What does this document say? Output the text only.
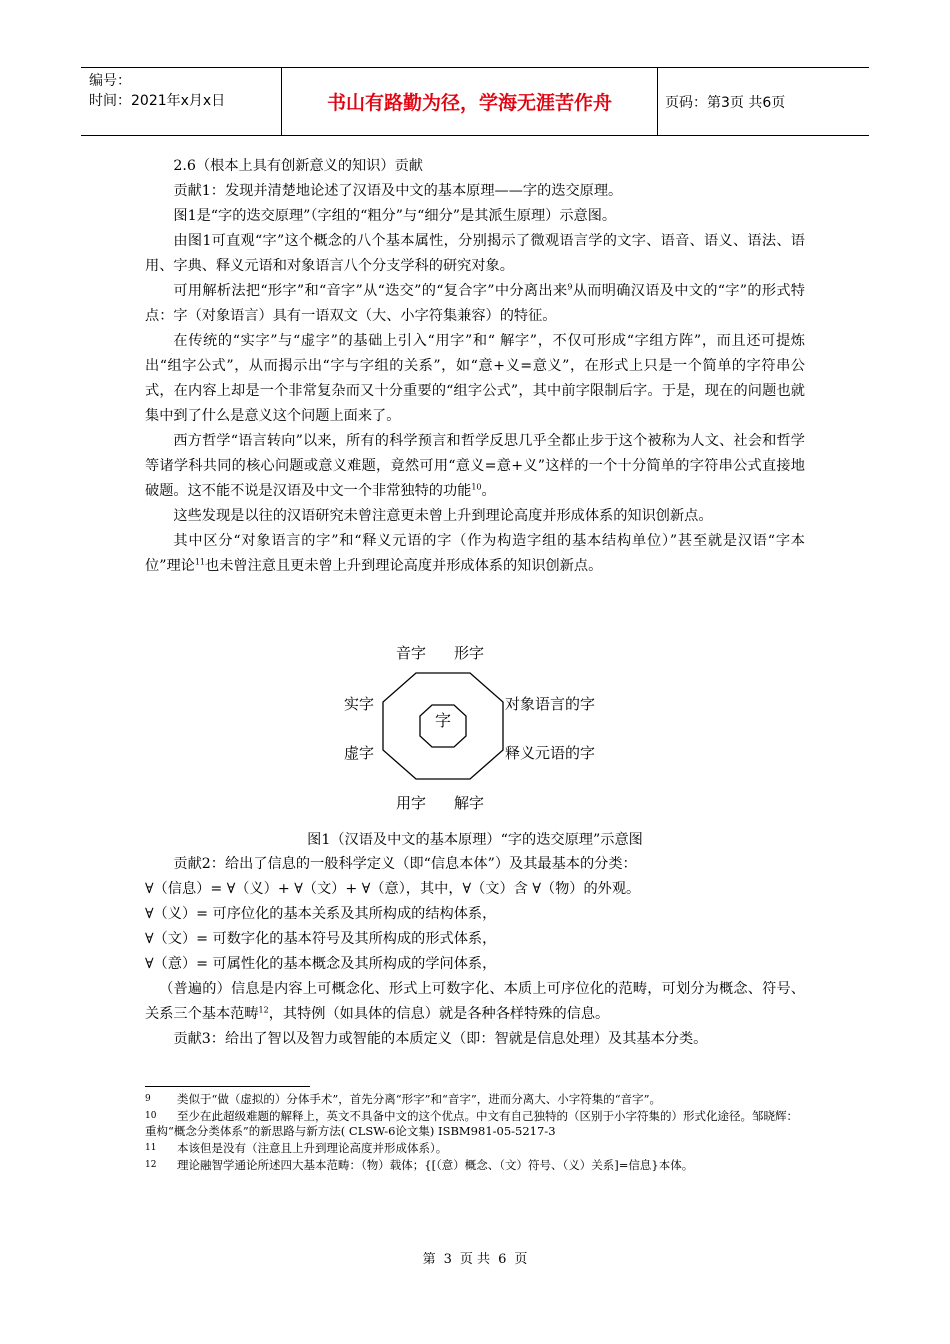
编号：
时间：2021年x月x日	书山有路勤为径，学海无涯苦作舟	页码：第3页 共6页

2.6（根本上具有创新意义的知识）贡献

贡献1：发现并清楚地论述了汉语及中文的基本原理——字的迭交原理。

图1是“字的迭交原理”（字组的“粗分”与“细分”是其派生原理）示意图。

由图1可直观“字”这个概念的八个基本属性，分别揭示了微观语言学的文字、语音、语义、语法、语用、字典、释义元语和对象语言八个分支学科的研究对象。

可用解析法把“形字”和“音字”从“迭交”的“复合字”中分离出来$^9$从而明确汉语及中文的“字”的形式特点：字（对象语言）具有一语双文（大、小字符集兼容）的特征。

在传统的“实字”与“虚字”的基础上引入“用字”和“ 解字”，不仅可形成“字组方阵”，而且还可提炼出“组字公式”，从而揭示出“字与字组的关系”，如“意+义=意义”，在形式上只是一个简单的字符串公式，在内容上却是一个非常复杂而又十分重要的“组字公式”，其中前字限制后字。于是，现在的问题也就集中到了什么是意义这个问题上面来了。

西方哲学“语言转向”以来，所有的科学预言和哲学反思几乎全都止步于这个被称为人文、社会和哲学等诸学科共同的核心问题或意义难题，竟然可用“意义=意+义”这样的一个十分简单的字符串公式直接地破题。这不能不说是汉语及中文一个非常独特的功能$^{10}$。

这些发现是以往的汉语研究未曾注意更未曾上升到理论高度并形成体系的知识创新点。

其中区分“对象语言的字”和“释义元语的字（作为构造字组的基本结构单位）”甚至就是汉语“字本位”理论$^{11}$也未曾注意且更未曾上升到理论高度并形成体系的知识创新点。

音字 形字
实字
虚字
对象语言的字
释义元语的字
用字 解字
字
图1（汉语及中文的基本原理）“字的迭交原理”示意图

贡献2：给出了信息的一般科学定义（即“信息本体”）及其最基本的分类：

∀（信息）= ∀（义）+ ∀（文）+ ∀（意），其中，∀（文）含 ∀（物）的外观。

∀（义）= 可序位化的基本关系及其所构成的结构体系，

∀（文）= 可数字化的基本符号及其所构成的形式体系，

∀（意）= 可属性化的基本概念及其所构成的学问体系，

（普遍的）信息是内容上可概念化、形式上可数字化、本质上可序位化的范畴，可划分为概念、符号、关系三个基本范畴$^{12}$，其特例（如具体的信息）就是各种各样特殊的信息。

贡献3：给出了智以及智力或智能的本质定义（即：智就是信息处理）及其基本分类。

9 类似于“做（虚拟的）分体手术”，首先分离“形字”和“音字”，进而分离大、小字符集的“音字”。
10 至少在此超级难题的解释上，英文不具备中文的这个优点。中文有自己独特的（区别于小字符集的）形式化途径。邹晓辉：重构“概念分类体系”的新思路与新方法( CLSW-6论文集) ISBM981-05-5217-3
11 本该但是没有（注意且上升到理论高度并形成体系）。
12 理论融智学通论所述四大基本范畴：（物）载体；{[（意）概念、（文）符号、（义）关系]=信息}本体。
第 3 页 共 6 页
